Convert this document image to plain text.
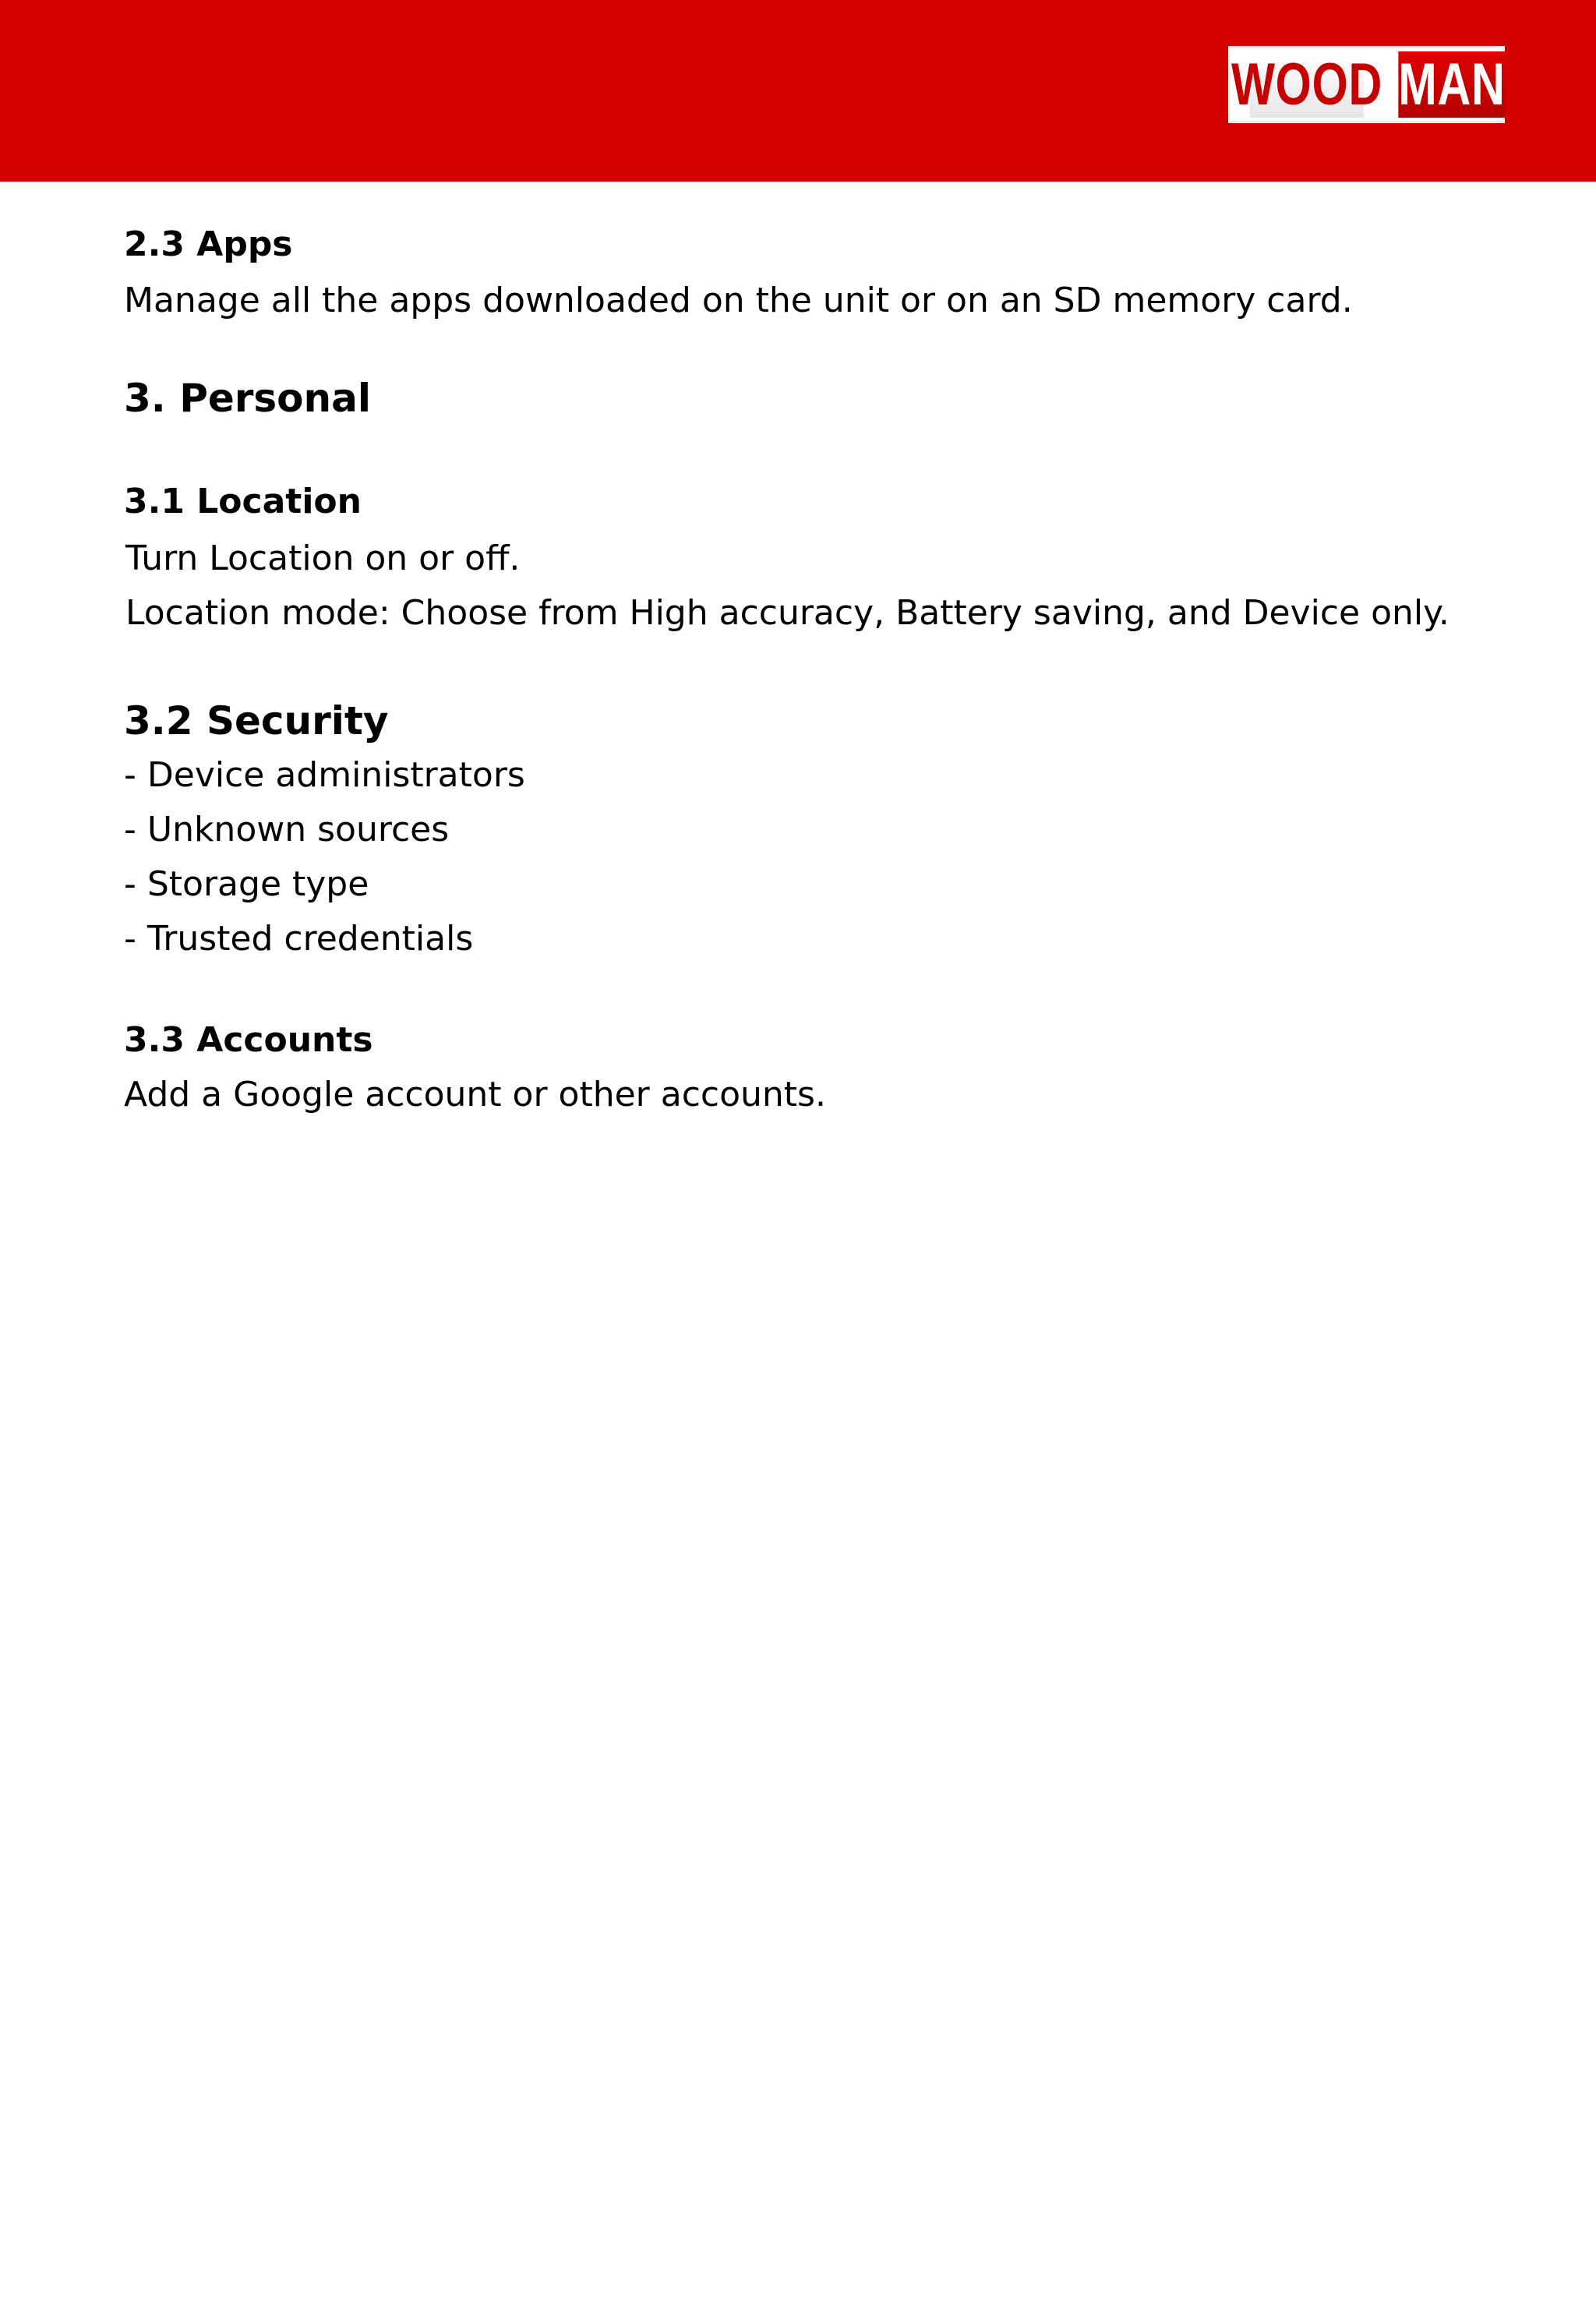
WOOD MAN

2.3 Apps

Manage all the apps downloaded on the unit or on an SD memory card.

3. Personal

3.1 Location

Turn Location on or off.

Location mode: Choose from High accuracy, Battery saving, and Device only.

3.2 Security

- Device administrators

- Unknown sources

- Storage type

- Trusted credentials

3.3 Accounts

Add a Google account or other accounts.
